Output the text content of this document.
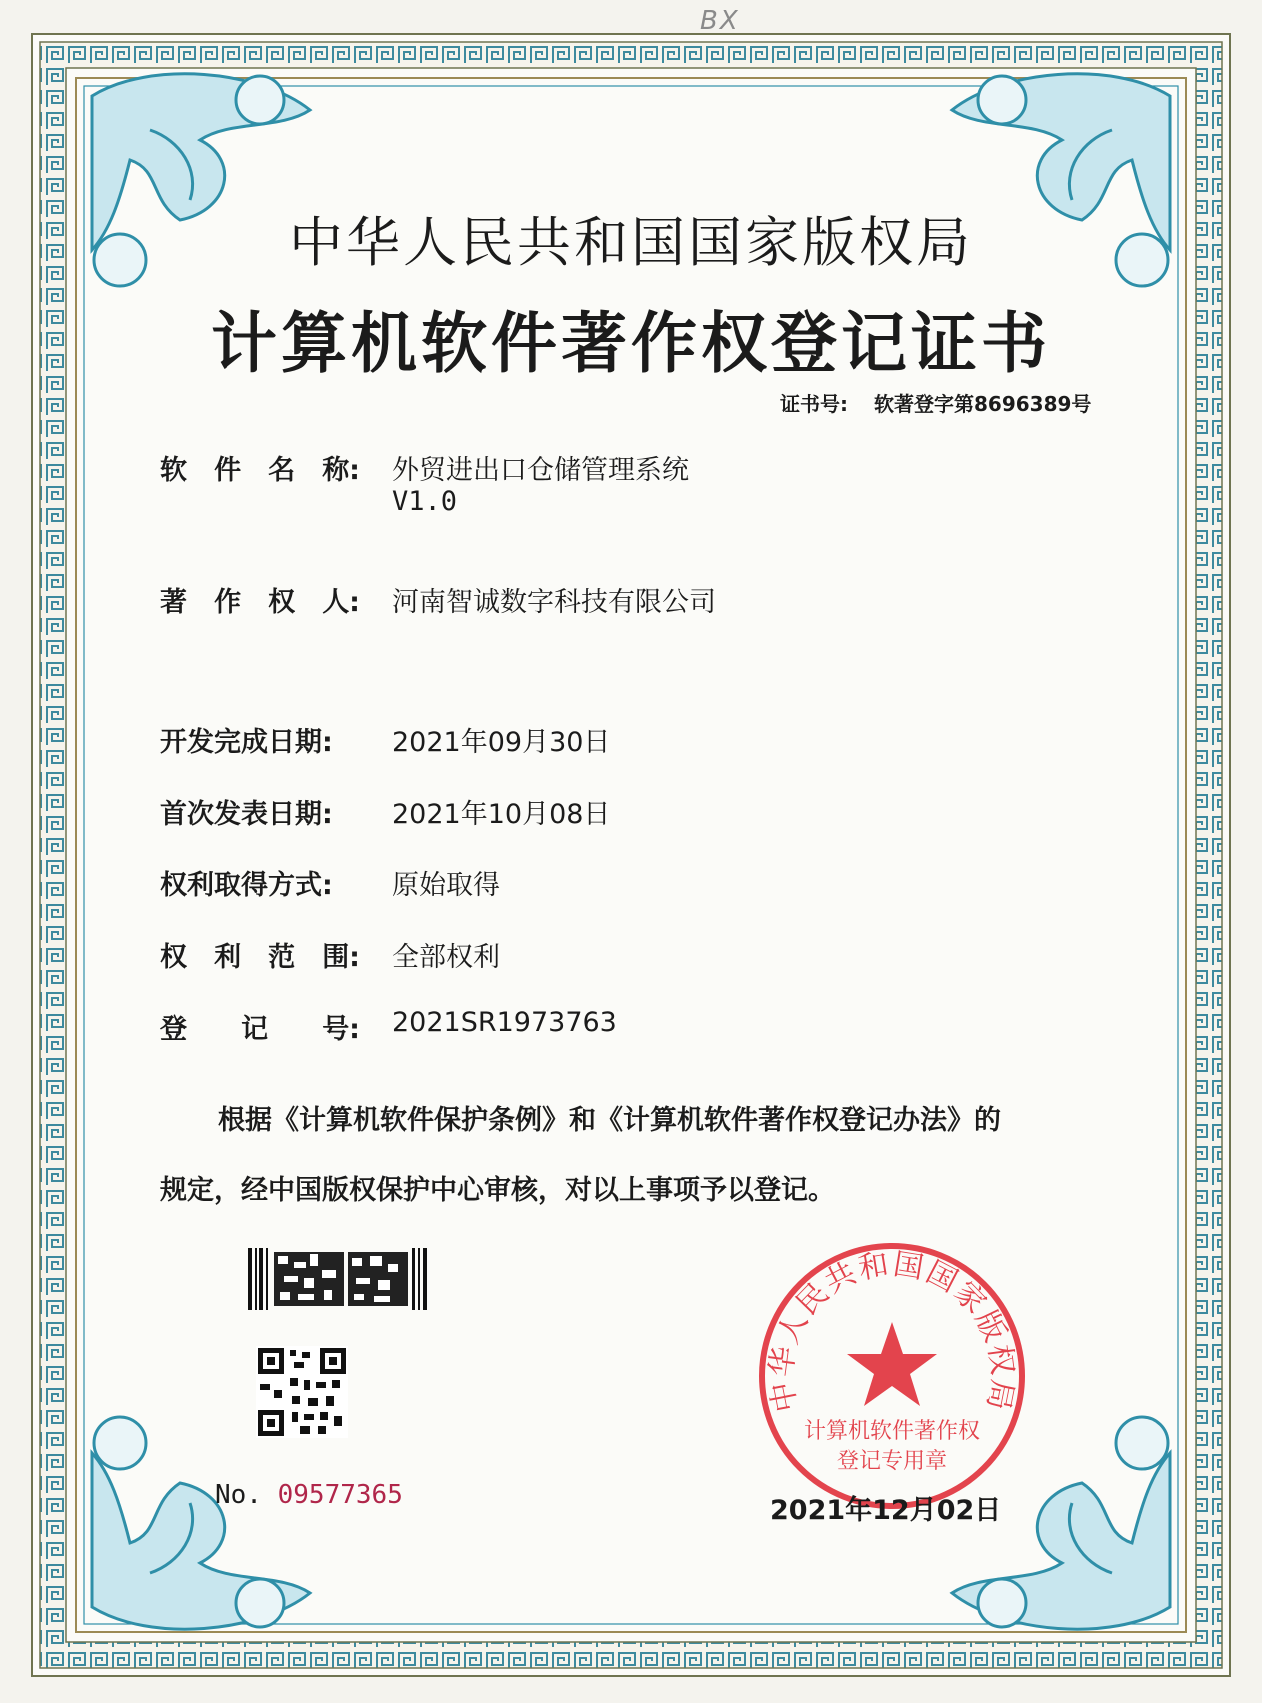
BX
中华人民共和国国家版权局
计算机软件著作权登记证书
证书号: 软著登字第8696389号
软 件 名 称: 外贸进出口仓储管理系统
V1.0
著 作 权 人: 河南智诚数字科技有限公司
开发完成日期:	2021年09月30日
首次发表日期:	2021年10月08日
权利取得方式:	原始取得
权 利 范 围: 全部权利
登 记 号: 2021SR1973763
根据《计算机软件保护条例》和《计算机软件著作权登记办法》的
规定，经中国版权保护中心审核，对以上事项予以登记。
No. 09577365
中华人民共和国国家版权局
计算机软件著作权
登记专用章
2021年12月02日
